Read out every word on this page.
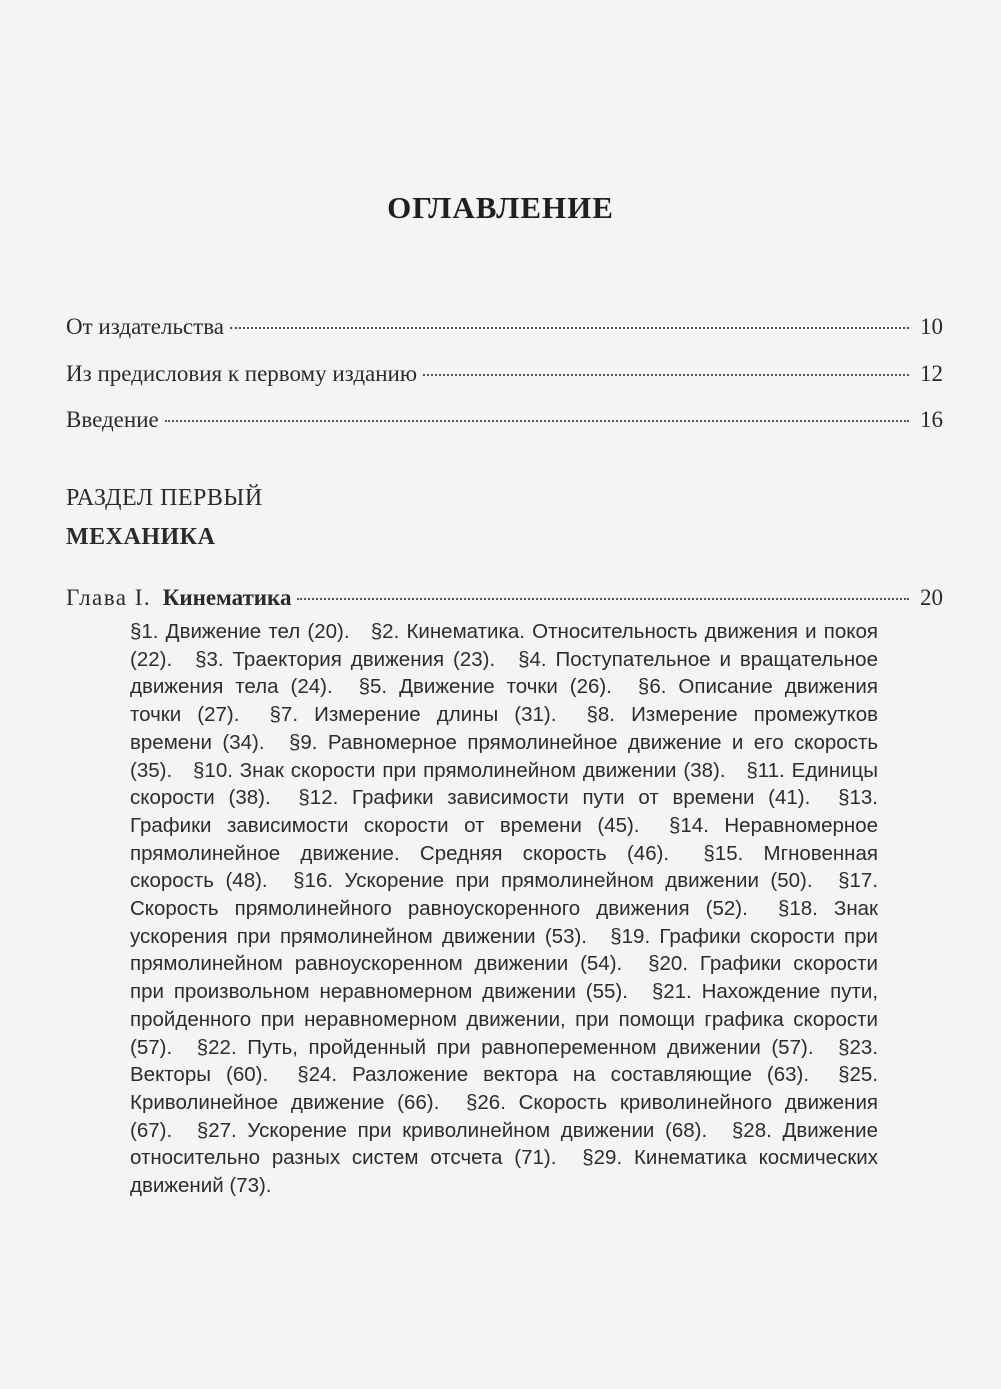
ОГЛАВЛЕНИЕ
От издательства	10
Из предисловия к первому изданию	12
Введение	16
РАЗДЕЛ ПЕРВЫЙ
МЕХАНИКА
Глава I. Кинематика	20
§1. Движение тел (20). §2. Кинематика. Относительность движения и покоя (22). §3. Траектория движения (23). §4. Поступательное и вращательное движения тела (24). §5. Движение точки (26). §6. Описание движения точки (27). §7. Измерение длины (31). §8. Измерение промежутков времени (34). §9. Равномерное прямолинейное движение и его скорость (35). §10. Знак скорости при прямолинейном движении (38). §11. Единицы скорости (38). §12. Графики зависимости пути от времени (41). §13. Графики зависимости скорости от времени (45). §14. Неравномерное прямолинейное движение. Средняя скорость (46). §15. Мгновенная скорость (48). §16. Ускорение при прямолинейном движении (50). §17. Скорость прямолинейного равноускоренного движения (52). §18. Знак ускорения при прямолинейном движении (53). §19. Графики скорости при прямолинейном равноускоренном движении (54). §20. Графики скорости при произвольном неравномерном движении (55). §21. Нахождение пути, пройденного при неравномерном движении, при помощи графика скорости (57). §22. Путь, пройденный при равнопеременном движении (57). §23. Векторы (60). §24. Разложение вектора на составляющие (63). §25. Криволинейное движение (66). §26. Скорость криволинейного движения (67). §27. Ускорение при криволинейном движении (68). §28. Движение относительно разных систем отсчета (71). §29. Кинематика космических движений (73).
